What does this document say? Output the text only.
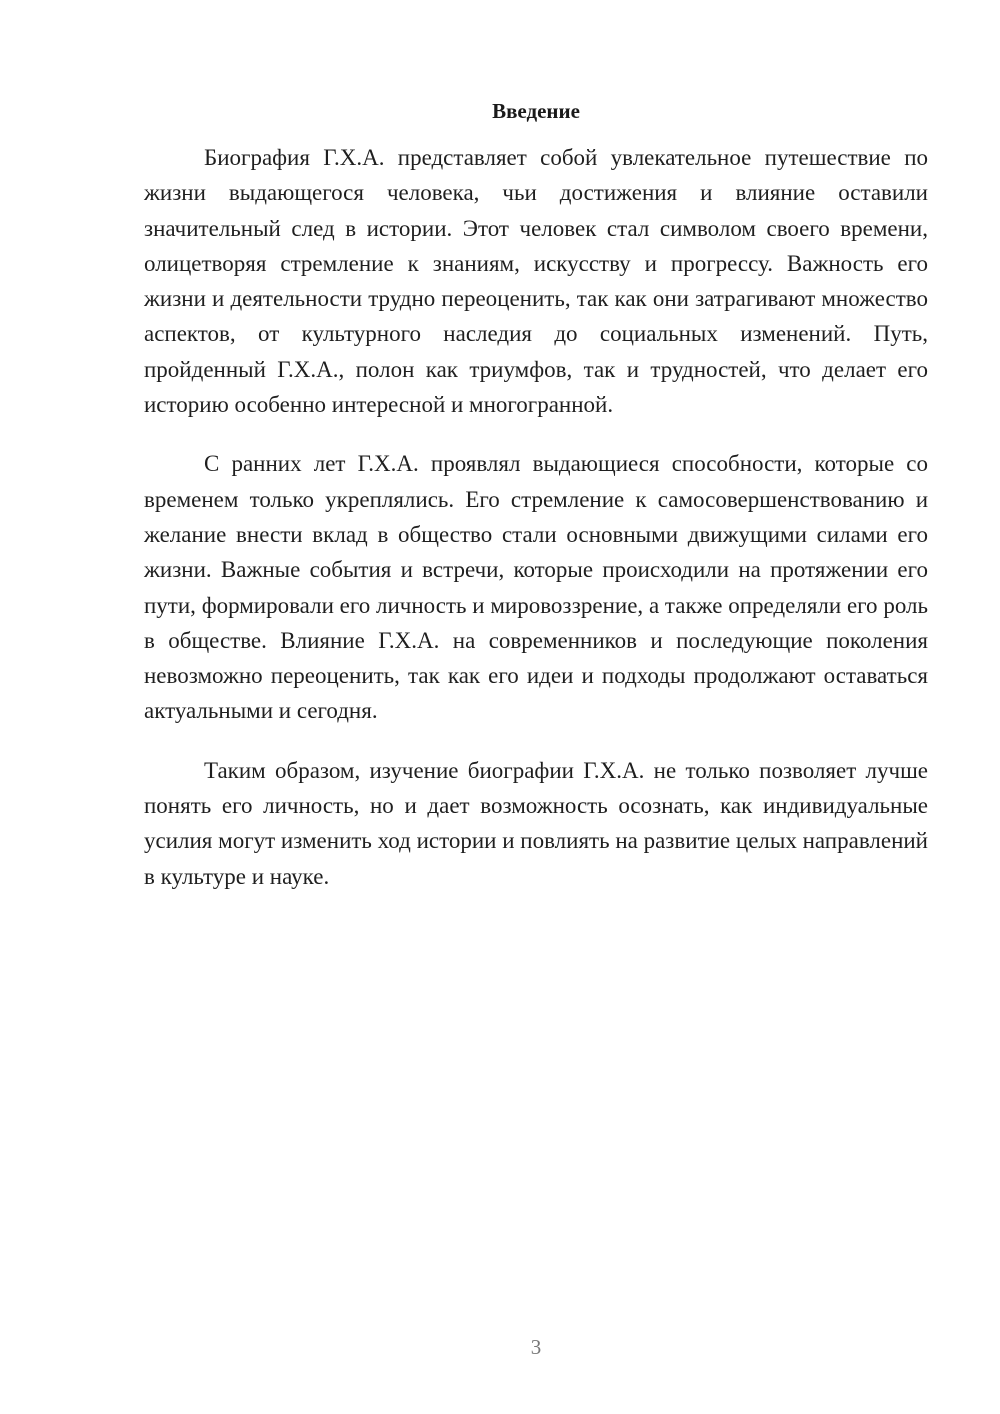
Введение

Биография Г.Х.А. представляет собой увлекательное путешествие по жизни выдающегося человека, чьи достижения и влияние оставили значительный след в истории. Этот человек стал символом своего времени, олицетворяя стремление к знаниям, искусству и прогрессу. Важность его жизни и деятельности трудно переоценить, так как они затрагивают множество аспектов, от культурного наследия до социальных изменений. Путь, пройденный Г.Х.А., полон как триумфов, так и трудностей, что делает его историю особенно интересной и многогранной.

С ранних лет Г.Х.А. проявлял выдающиеся способности, которые со временем только укреплялись. Его стремление к самосовершенствованию и желание внести вклад в общество стали основными движущими силами его жизни. Важные события и встречи, которые происходили на протяжении его пути, формировали его личность и мировоззрение, а также определяли его роль в обществе. Влияние Г.Х.А. на современников и последующие поколения невозможно переоценить, так как его идеи и подходы продолжают оставаться актуальными и сегодня.

Таким образом, изучение биографии Г.Х.А. не только позволяет лучше понять его личность, но и дает возможность осознать, как индивидуальные усилия могут изменить ход истории и повлиять на развитие целых направлений в культуре и науке.

3
